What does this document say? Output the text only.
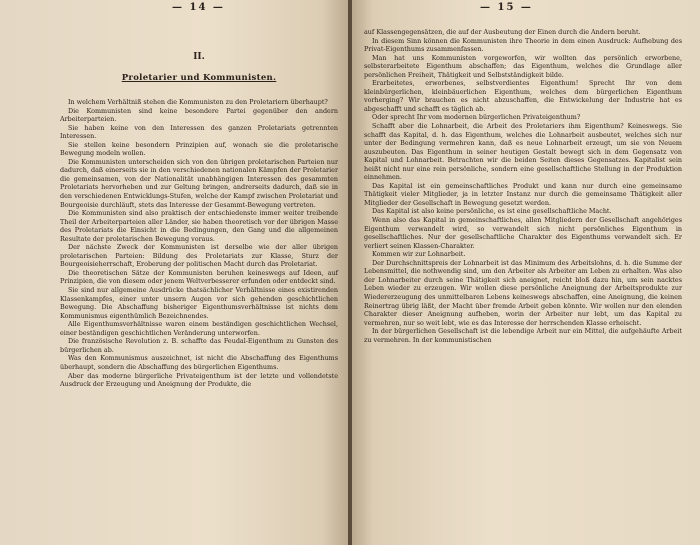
— 14 —
II.
Proletarier und Kommunisten.

In welchem Verhältniß stehen die Kommunisten zu den Proletariern überhaupt?

Die Kommunisten sind keine besondere Partei gegenüber den andern Arbeiterparteien.

Sie haben keine von den Interessen des ganzen Proletariats getrennten Interessen.

Sie stellen keine besondern Prinzipien auf, wonach sie die proletarische Bewegung modeln wollen.

Die Kommunisten unterscheiden sich von den übrigen proletarischen Parteien nur dadurch, daß einerseits sie in den verschiedenen nationalen Kämpfen der Proletarier die gemeinsamen, von der Nationalität unabhängigen Interessen des gesammten Proletariats hervorheben und zur Geltung bringen, andrerseits dadurch, daß sie in den verschiedenen Entwicklungs-Stufen, welche der Kampf zwischen Proletariat und Bourgeoisie durchläuft, stets das Interesse der Gesammt-Bewegung vertreten.

Die Kommunisten sind also praktisch der entschiedenste immer weiter treibende Theil der Arbeiterparteien aller Länder, sie haben theoretisch vor der übrigen Masse des Proletariats die Einsicht in die Bedingungen, den Gang und die allgemeinen Resultate der proletarischen Bewegung voraus.

Der nächste Zweck der Kommunisten ist derselbe wie der aller übrigen proletarischen Parteien: Bildung des Proletariats zur Klasse, Sturz der Bourgeoisieherrschaft, Eroberung der politischen Macht durch das Proletariat.

Die theoretischen Sätze der Kommunisten beruhen keineswegs auf Ideen, auf Prinzipien, die von diesem oder jenem Weltverbesserer erfunden oder entdeckt sind.

Sie sind nur allgemeine Ausdrücke thatsächlicher Verhältnisse eines existirenden Klassenkampfes, einer unter unsern Augen vor sich gehenden geschichtlichen Bewegung. Die Abschaffung bisheriger Eigenthumsverhältnisse ist nichts dem Kommunismus eigenthümlich Bezeichnendes.

Alle Eigenthumsverhältnisse waren einem beständigen geschichtlichen Wechsel, einer beständigen geschichtlichen Veränderung unterworfen.

Die französische Revolution z. B. schaffte das Feudal-Eigenthum zu Gunsten des bürgerlichen ab.

Was den Kommunismus auszeichnet, ist nicht die Abschaffung des Eigenthums überhaupt, sondern die Abschaffung des bürgerlichen Eigenthums.

Aber das moderne bürgerliche Privateigenthum ist der letzte und vollendetste Ausdruck der Erzeugung und Aneignung der Produkte, die

— 15 —

auf Klassengegensätzen, die auf der Ausbeutung der Einen durch die Andern beruht.

In diesem Sinn können die Kommunisten ihre Theorie in dem einen Ausdruck: Aufhebung des Privat-Eigenthums zusammenfassen.

Man hat uns Kommunisten vorgeworfen, wir wollten das persönlich erworbene, selbsterarbeitete Eigenthum abschaffen; das Eigenthum, welches die Grundlage aller persönlichen Freiheit, Thätigkeit und Selbstständigkeit bilde.

Erarbeitetes, erworbenes, selbstverdientes Eigenthum! Sprecht Ihr von dem kleinbürgerlichen, kleinbäuerlichen Eigenthum, welches dem bürgerlichen Eigenthum vorherging? Wir brauchen es nicht abzuschaffen, die Entwickelung der Industrie hat es abgeschafft und schafft es täglich ab.

Oder sprecht Ihr vom modernen bürgerlichen Privateigenthum?

Schafft aber die Lohnarbeit, die Arbeit des Proletariers ihm Eigenthum? Keineswegs. Sie schafft das Kapital, d. h. das Eigenthum, welches die Lohnarbeit ausbeutet, welches sich nur unter der Bedingung vermehren kann, daß es neue Lohnarbeit erzeugt, um sie von Neuem auszubeuten. Das Eigenthum in seiner heutigen Gestalt bewegt sich in dem Gegensatz von Kapital und Lohnarbeit. Betrachten wir die beiden Seiten dieses Gegensatzes. Kapitalist sein heißt nicht nur eine rein persönliche, sondern eine gesellschaftliche Stellung in der Produktion einnehmen.

Das Kapital ist ein gemeinschaftliches Produkt und kann nur durch eine gemeinsame Thätigkeit vieler Mitglieder, ja in letzter Instanz nur durch die gemeinsame Thätigkeit aller Mitglieder der Gesellschaft in Bewegung gesetzt werden.

Das Kapital ist also keine persönliche, es ist eine gesellschaftliche Macht.

Wenn also das Kapital in gemeinschaftliches, allen Mitgliedern der Gesellschaft angehöriges Eigenthum verwandelt wird, so verwandelt sich nicht persönliches Eigenthum in gesellschaftliches. Nur der gesellschaftliche Charakter des Eigenthums verwandelt sich. Er verliert seinen Klassen-Charakter.

Kommen wir zur Lohnarbeit.

Der Durchschnittspreis der Lohnarbeit ist das Minimum des Arbeitslohns, d. h. die Summe der Lebensmittel, die nothwendig sind, um den Arbeiter als Arbeiter am Leben zu erhalten. Was also der Lohnarbeiter durch seine Thätigkeit sich aneignet, reicht bloß dazu hin, um sein nacktes Leben wieder zu erzeugen. Wir wollen diese persönliche Aneignung der Arbeitsprodukte zur Wiedererzeugung des unmittelbaren Lebens keineswegs abschaffen, eine Aneignung, die keinen Reinertrag übrig läßt, der Macht über fremde Arbeit geben könnte. Wir wollen nur den elenden Charakter dieser Aneignung aufheben, worin der Arbeiter nur lebt, um das Kapital zu vermehren, nur so weit lebt, wie es das Interesse der herrschenden Klasse erheischt.

In der bürgerlichen Gesellschaft ist die lebendige Arbeit nur ein Mittel, die aufgehäufte Arbeit zu vermehren. In der kommunistischen
